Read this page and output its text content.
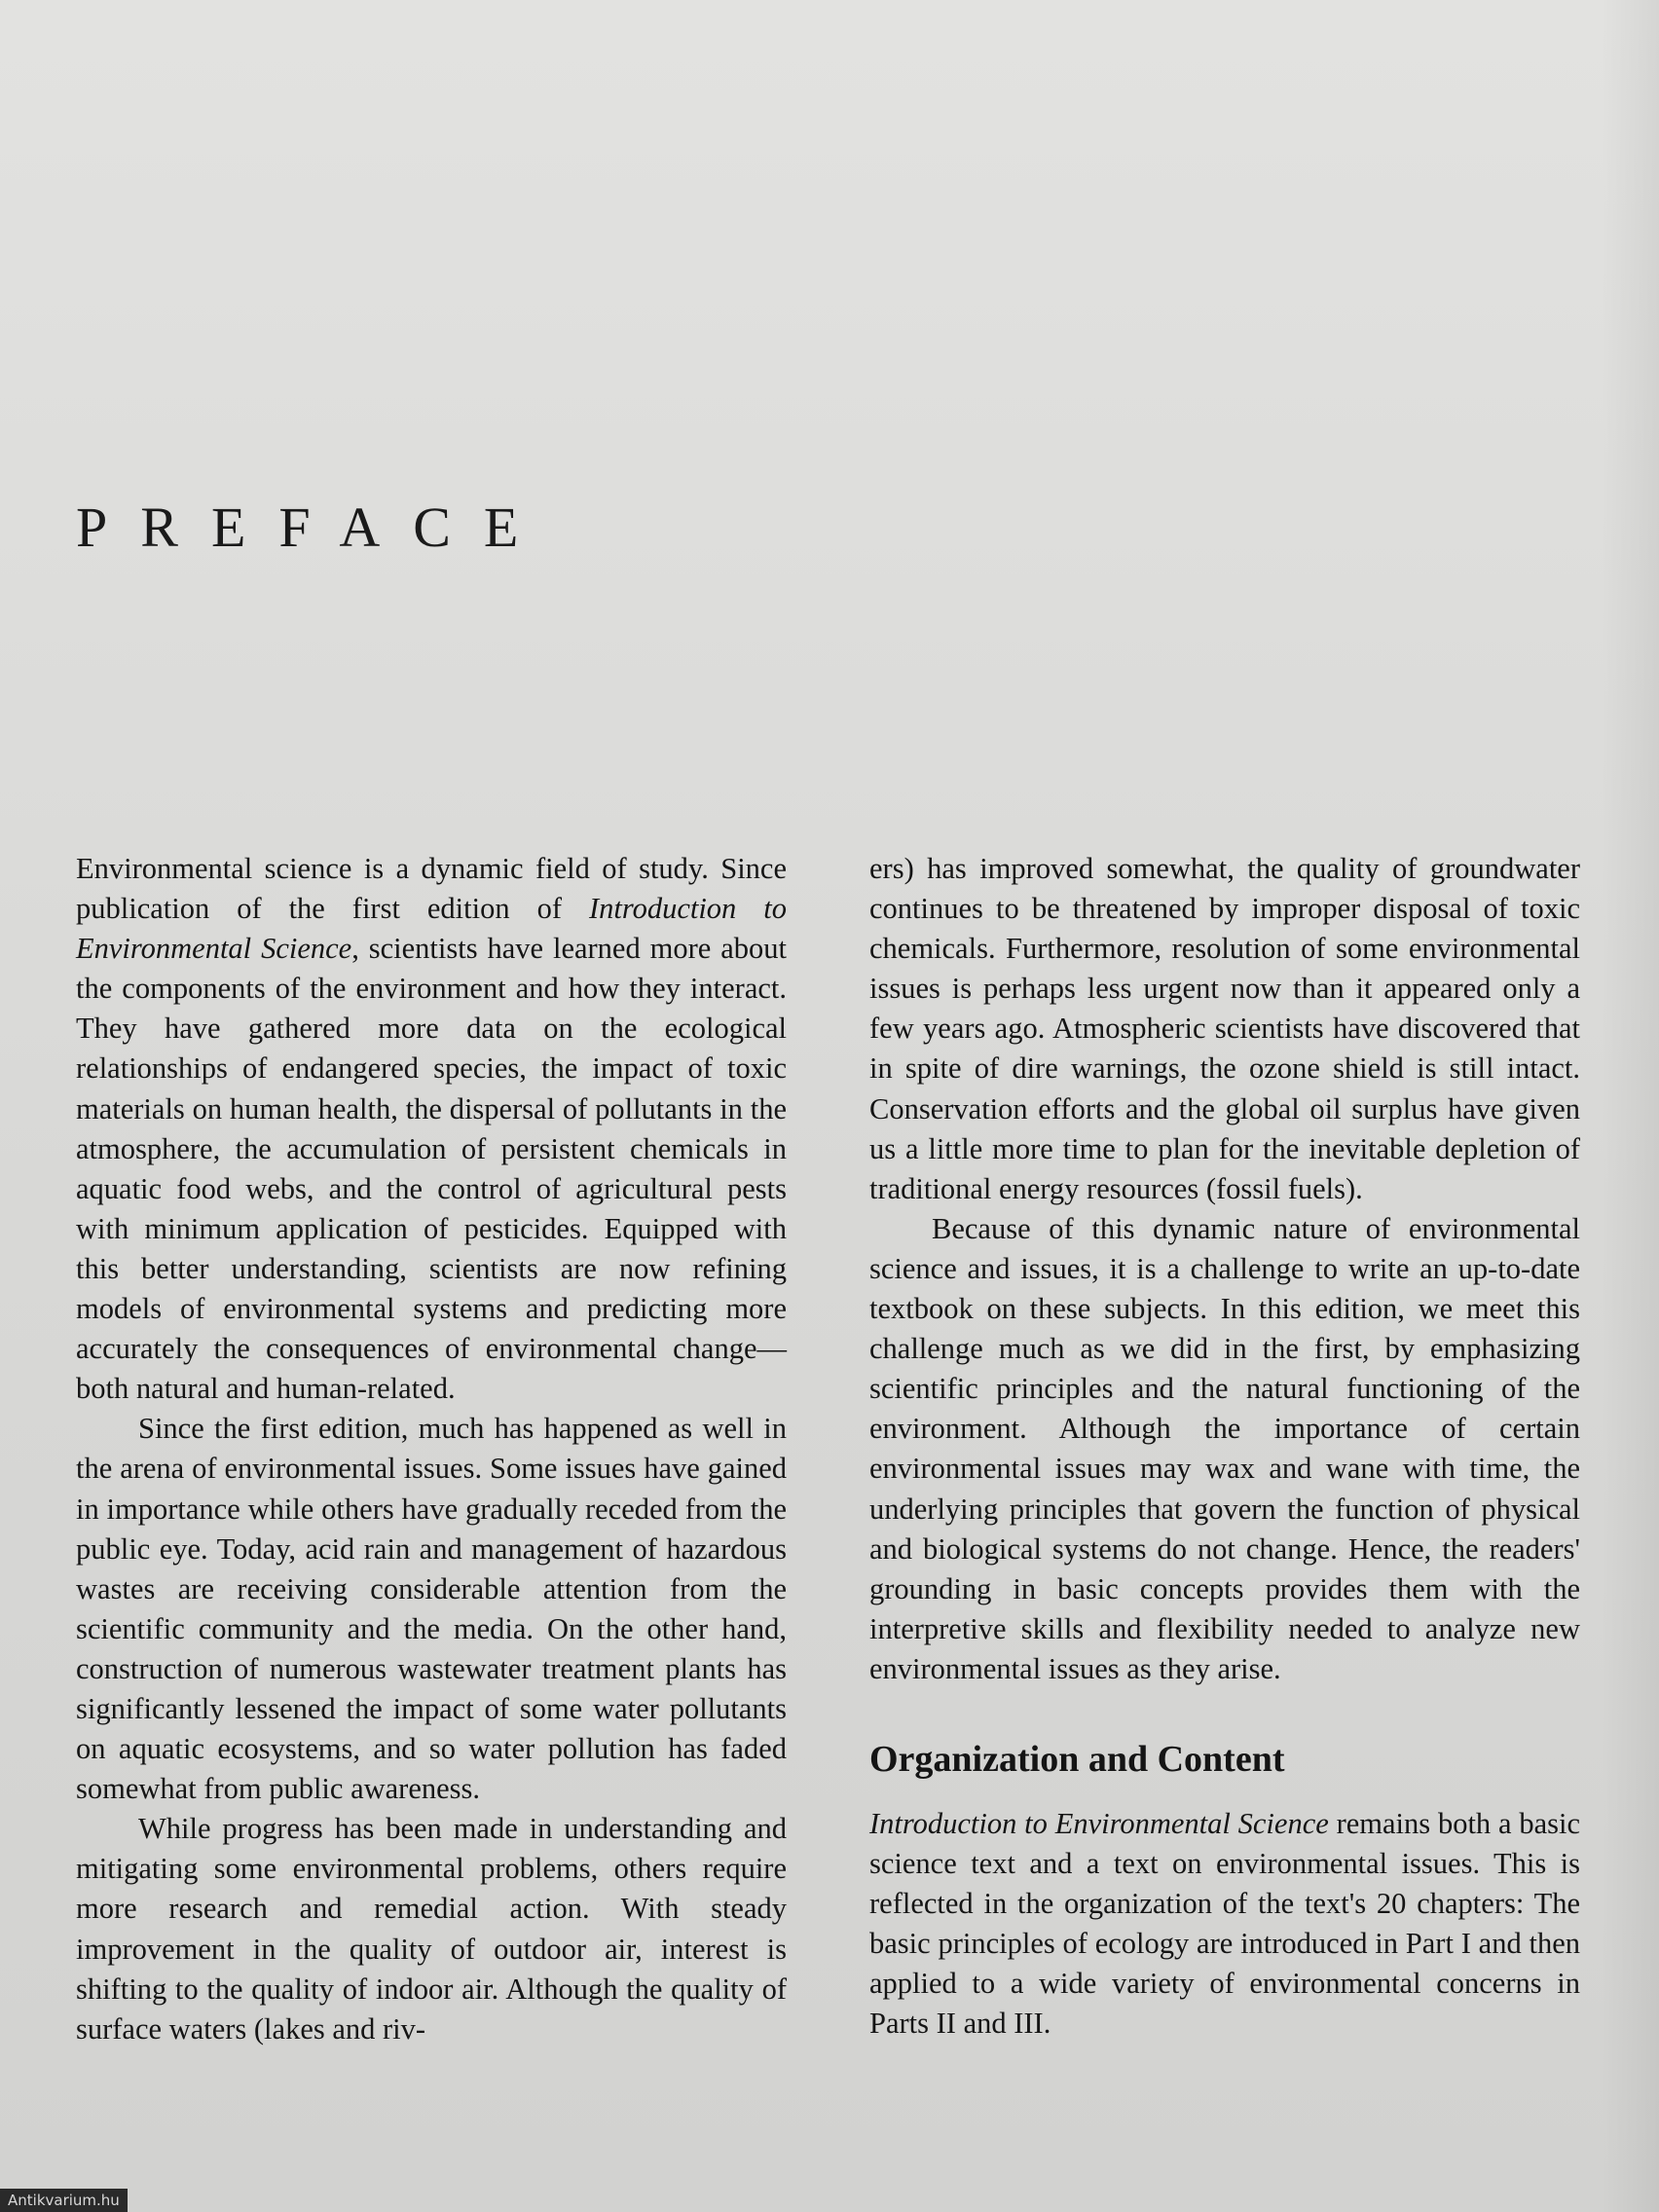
PREFACE

Environmental science is a dynamic field of study. Since publication of the first edition of Introduction to Environmental Science, scientists have learned more about the components of the environment and how they interact. They have gathered more data on the ecological relationships of endangered species, the impact of toxic materials on human health, the dispersal of pollutants in the atmosphere, the accumulation of persistent chemicals in aquatic food webs, and the control of agricultural pests with minimum application of pesticides. Equipped with this better understanding, scientists are now refining models of environmental systems and predicting more accurately the consequences of environmental change—both natural and human-related.

Since the first edition, much has happened as well in the arena of environmental issues. Some issues have gained in importance while others have gradually receded from the public eye. Today, acid rain and management of hazardous wastes are receiving considerable attention from the scientific community and the media. On the other hand, construction of numerous wastewater treatment plants has significantly lessened the impact of some water pollutants on aquatic ecosystems, and so water pollution has faded somewhat from public awareness.

While progress has been made in understanding and mitigating some environmental problems, others require more research and remedial action. With steady improvement in the quality of outdoor air, interest is shifting to the quality of indoor air. Although the quality of surface waters (lakes and riv-

ers) has improved somewhat, the quality of groundwater continues to be threatened by improper disposal of toxic chemicals. Furthermore, resolution of some environmental issues is perhaps less urgent now than it appeared only a few years ago. Atmospheric scientists have discovered that in spite of dire warnings, the ozone shield is still intact. Conservation efforts and the global oil surplus have given us a little more time to plan for the inevitable depletion of traditional energy resources (fossil fuels).

Because of this dynamic nature of environmental science and issues, it is a challenge to write an up-to-date textbook on these subjects. In this edition, we meet this challenge much as we did in the first, by emphasizing scientific principles and the natural functioning of the environment. Although the importance of certain environmental issues may wax and wane with time, the underlying principles that govern the function of physical and biological systems do not change. Hence, the readers' grounding in basic concepts provides them with the interpretive skills and flexibility needed to analyze new environmental issues as they arise.

Organization and Content

Introduction to Environmental Science remains both a basic science text and a text on environmental issues. This is reflected in the organization of the text's 20 chapters: The basic principles of ecology are introduced in Part I and then applied to a wide variety of environmental concerns in Parts II and III.

Antikvarium.hu
